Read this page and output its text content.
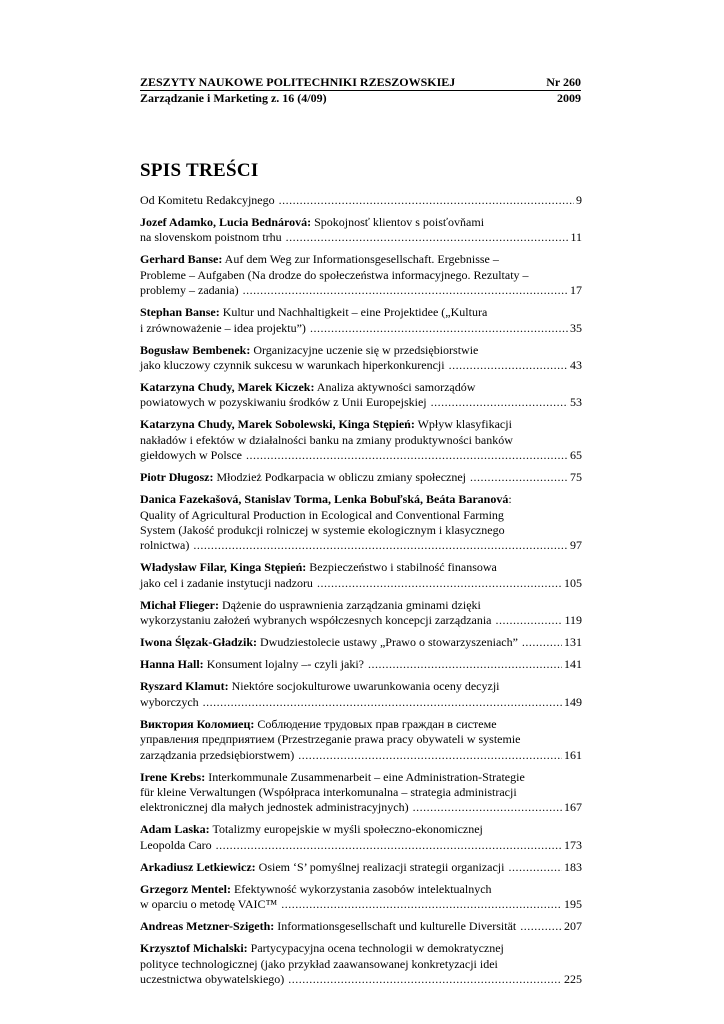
ZESZYTY NAUKOWE POLITECHNIKI RZESZOWSKIEJ	Nr 260
Zarządzanie i Marketing z. 16 (4/09)	2009
SPIS TREŚCI
Od Komitetu Redakcyjnego .....	9
Jozef Adamko, Lucia Bednárová: Spokojnosť klientov s poisťovňami
na slovenskom poistnom trhu .....	11
Gerhard Banse: Auf dem Weg zur Informationsgesellschaft. Ergebnisse –
Probleme – Aufgaben (Na drodze do społeczeństwa informacyjnego. Rezultaty –
problemy – zadania) .....	17
Stephan Banse: Kultur und Nachhaltigkeit – eine Projektidee („Kultura
i zrównoważenie – idea projektu”) .....	35
Bogusław Bembenek: Organizacyjne uczenie się w przedsiębiorstwie
jako kluczowy czynnik sukcesu w warunkach hiperkonkurencji .....	43
Katarzyna Chudy, Marek Kiczek: Analiza aktywności samorządów
powiatowych w pozyskiwaniu środków z Unii Europejskiej .....	53
Katarzyna Chudy, Marek Sobolewski, Kinga Stępień: Wpływ klasyfikacji
nakładów i efektów w działalności banku na zmiany produktywności banków
giełdowych w Polsce .....	65
Piotr Długosz: Młodzież Podkarpacia w obliczu zmiany społecznej .....	75
Danica Fazekašová, Stanislav Torma, Lenka Bobuľská, Beáta Baranová:
Quality of Agricultural Production in Ecological and Conventional Farming
System (Jakość produkcji rolniczej w systemie ekologicznym i klasycznego
rolnictwa) .....	97
Władysław Filar, Kinga Stępień: Bezpieczeństwo i stabilność finansowa
jako cel i zadanie instytucji nadzoru .....	105
Michał Flieger: Dążenie do usprawnienia zarządzania gminami dzięki
wykorzystaniu założeń wybranych współczesnych koncepcji zarządzania .....	119
Iwona Ślęzak-Gładzik: Dwudziestolecie ustawy „Prawo o stowarzyszeniach” .....	131
Hanna Hall: Konsument lojalny –- czyli jaki? .....	141
Ryszard Klamut: Niektóre socjokulturowe uwarunkowania oceny decyzji
wyborczych .....	149
Виктория Коломиец: Соблюдение трудовых прав граждан в системе
управления предприятием (Przestrzeganie prawa pracy obywateli w systemie
zarządzania przedsiębiorstwem) .....	161
Irene Krebs: Interkommunale Zusammenarbeit – eine Administration-Strategie
für kleine Verwaltungen (Współpraca interkomunalna – strategia administracji
elektronicznej dla małych jednostek administracyjnych) .....	167
Adam Laska: Totalizmy europejskie w myśli społeczno-ekonomicznej
Leopolda Caro .....	173
Arkadiusz Letkiewicz: Osiem ‘S’ pomyślnej realizacji strategii organizacji .....	183
Grzegorz Mentel: Efektywność wykorzystania zasobów intelektualnych
w oparciu o metodę VAIC™ .....	195
Andreas Metzner-Szigeth: Informationsgesellschaft und kulturelle Diversität .....	207
Krzysztof Michalski: Partycypacyjna ocena technologii w demokratycznej
polityce technologicznej (jako przykład zaawansowanej konkretyzacji idei
uczestnictwa obywatelskiego) .....	225
